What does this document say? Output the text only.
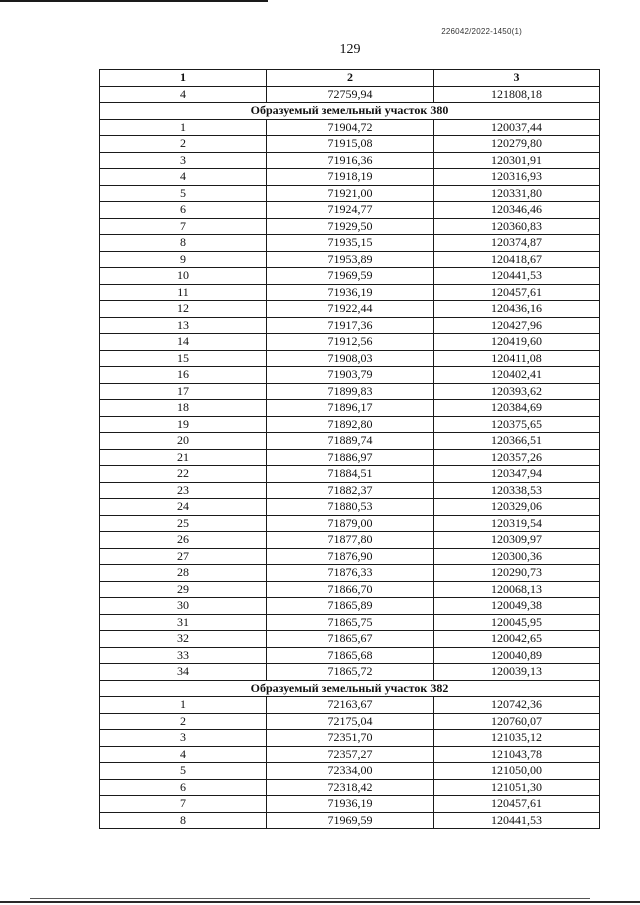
226042/2022-1450(1)
129
1	2	3
4	72759,94	121808,18
Образуемый земельный участок 380		
1	71904,72	120037,44
2	71915,08	120279,80
3	71916,36	120301,91
4	71918,19	120316,93
5	71921,00	120331,80
6	71924,77	120346,46
7	71929,50	120360,83
8	71935,15	120374,87
9	71953,89	120418,67
10	71969,59	120441,53
11	71936,19	120457,61
12	71922,44	120436,16
13	71917,36	120427,96
14	71912,56	120419,60
15	71908,03	120411,08
16	71903,79	120402,41
17	71899,83	120393,62
18	71896,17	120384,69
19	71892,80	120375,65
20	71889,74	120366,51
21	71886,97	120357,26
22	71884,51	120347,94
23	71882,37	120338,53
24	71880,53	120329,06
25	71879,00	120319,54
26	71877,80	120309,97
27	71876,90	120300,36
28	71876,33	120290,73
29	71866,70	120068,13
30	71865,89	120049,38
31	71865,75	120045,95
32	71865,67	120042,65
33	71865,68	120040,89
34	71865,72	120039,13
Образуемый земельный участок 382		
1	72163,67	120742,36
2	72175,04	120760,07
3	72351,70	121035,12
4	72357,27	121043,78
5	72334,00	121050,00
6	72318,42	121051,30
7	71936,19	120457,61
8	71969,59	120441,53
